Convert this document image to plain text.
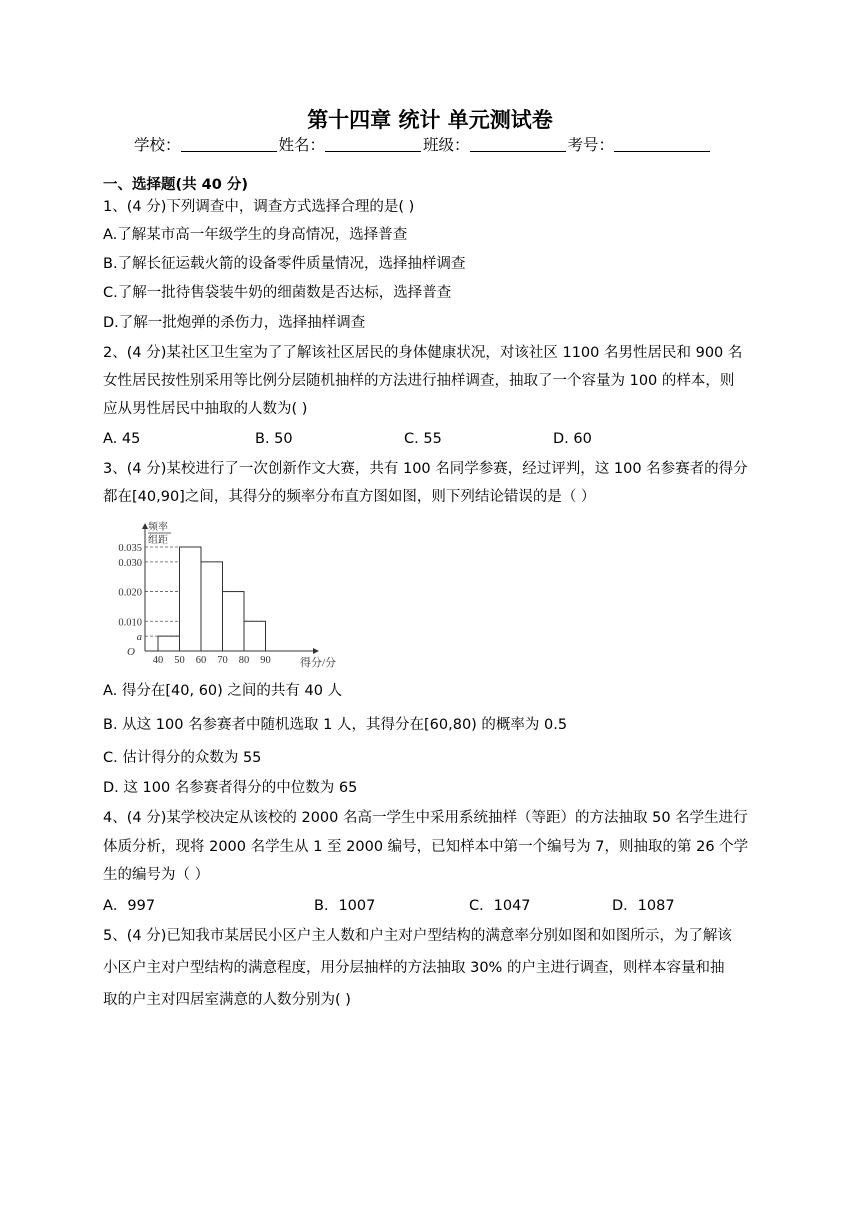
第十四章 统计 单元测试卷
学校：	姓名：	班级：	考号：
一、选择题(共 40 分)
1、(4 分)下列调查中，调查方式选择合理的是( )
A.了解某市高一年级学生的身高情况，选择普查
B.了解长征运载火箭的设备零件质量情况，选择抽样调查
C.了解一批待售袋装牛奶的细菌数是否达标，选择普查
D.了解一批炮弹的杀伤力，选择抽样调查
2、(4 分)某社区卫生室为了了解该社区居民的身体健康状况，对该社区 1100 名男性居民和 900 名
女性居民按性别采用等比例分层随机抽样的方法进行抽样调查，抽取了一个容量为 100 的样本，则
应从男性居民中抽取的人数为( )
A. 45	B. 50	C. 55	D. 60
3、(4 分)某校进行了一次创新作文大赛，共有 100 名同学参赛，经过评判，这 100 名参赛者的得分
都在[40,90]之间，其得分的频率分布直方图如图，则下列结论错误的是（ ）
0.035
0.030
0.020
0.010
a
40 50 60 70 80 90
O
频率
组距
得分/分
A. 得分在[40, 60) 之间的共有 40 人
B. 从这 100 名参赛者中随机选取 1 人，其得分在[60,80) 的概率为 0.5
C. 估计得分的众数为 55
D. 这 100 名参赛者得分的中位数为 65
4、(4 分)某学校决定从该校的 2000 名高一学生中采用系统抽样（等距）的方法抽取 50 名学生进行
体质分析，现将 2000 名学生从 1 至 2000 编号，已知样本中第一个编号为 7，则抽取的第 26 个学
生的编号为（ ）
A．997	B．1007	C．1047	D．1087
5、(4 分)已知我市某居民小区户主人数和户主对户型结构的满意率分别如图和如图所示，为了解该
小区户主对户型结构的满意程度，用分层抽样的方法抽取 30% 的户主进行调查，则样本容量和抽
取的户主对四居室满意的人数分别为( )
